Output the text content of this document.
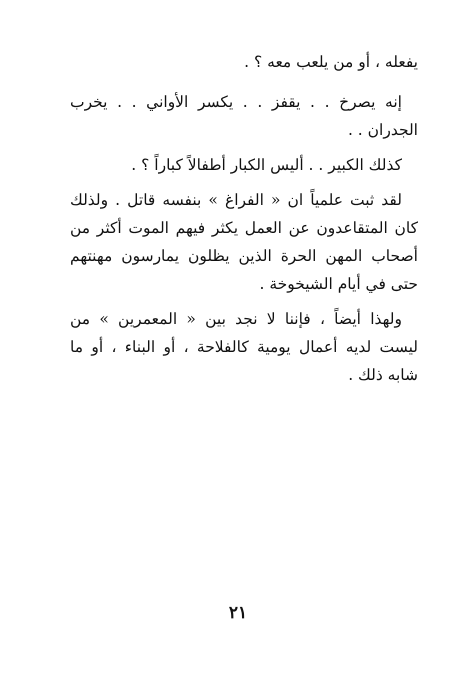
يفعله ، أو من يلعب معه ؟ .

إنه يصرخ . . يقفز . . يكسر الأواني . . يخرب الجدران . .

كذلك الكبير . . أليس الكبار أطفالاً كباراً ؟ .

لقد ثبت علمياً ان « الفراغ » بنفسه قاتل . ولذلك كان المتقاعدون عن العمل يكثر فيهم الموت أكثر من أصحاب المهن الحرة الذين يظلون يمارسون مهنتهم حتى في أيام الشيخوخة .

ولهذا أيضاً ، فإننا لا نجد بين « المعمرين » من ليست لديه أعمال يومية كالفلاحة ، أو البناء ، أو ما شابه ذلك .

٢١
